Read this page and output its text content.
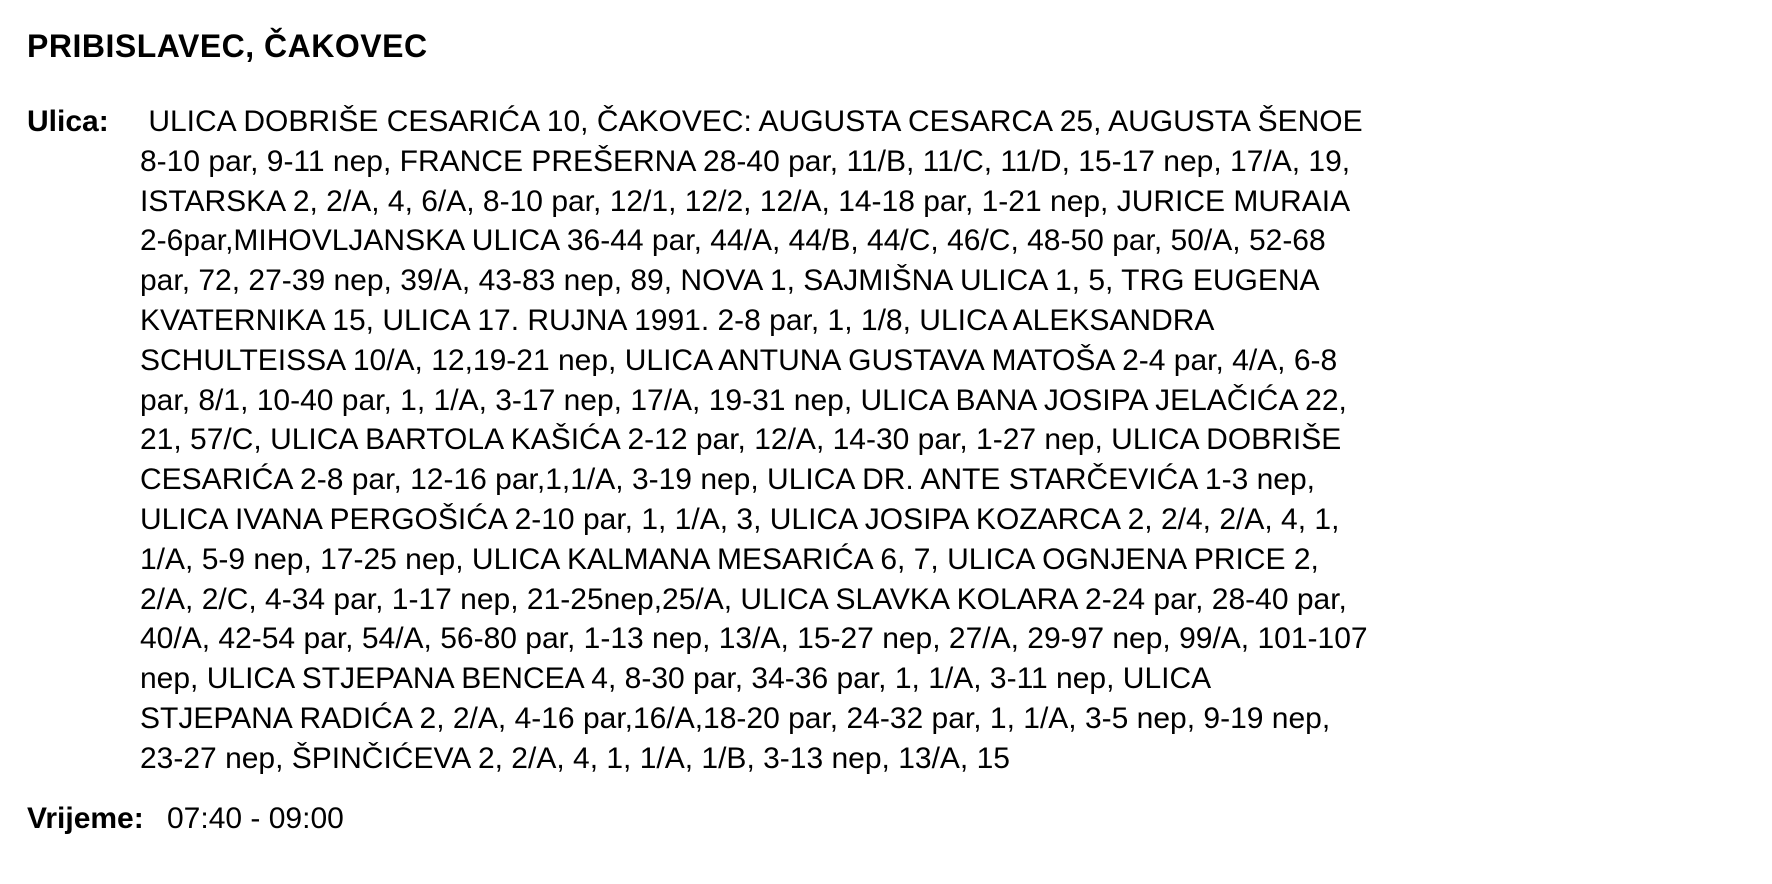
PRIBISLAVEC, ČAKOVEC
Ulica:	ULICA DOBRIŠE CESARIĆA 10, ČAKOVEC: AUGUSTA CESARCA 25, AUGUSTA ŠENOE
8-10 par, 9-11 nep, FRANCE PREŠERNA 28-40 par, 11/B, 11/C, 11/D, 15-17 nep, 17/A, 19,
ISTARSKA 2, 2/A, 4, 6/A, 8-10 par, 12/1, 12/2, 12/A, 14-18 par, 1-21 nep, JURICE MURAIA
2-6par,MIHOVLJANSKA ULICA 36-44 par, 44/A, 44/B, 44/C, 46/C, 48-50 par, 50/A, 52-68
par, 72, 27-39 nep, 39/A, 43-83 nep, 89, NOVA 1, SAJMIŠNA ULICA 1, 5, TRG EUGENA
KVATERNIKA 15, ULICA 17. RUJNA 1991. 2-8 par, 1, 1/8, ULICA ALEKSANDRA
SCHULTEISSA 10/A, 12,19-21 nep, ULICA ANTUNA GUSTAVA MATOŠA 2-4 par, 4/A, 6-8
par, 8/1, 10-40 par, 1, 1/A, 3-17 nep, 17/A, 19-31 nep, ULICA BANA JOSIPA JELAČIĆA 22,
21, 57/C, ULICA BARTOLA KAŠIĆA 2-12 par, 12/A, 14-30 par, 1-27 nep, ULICA DOBRIŠE
CESARIĆA 2-8 par, 12-16 par,1,1/A, 3-19 nep, ULICA DR. ANTE STARČEVIĆA 1-3 nep,
ULICA IVANA PERGOŠIĆA 2-10 par, 1, 1/A, 3, ULICA JOSIPA KOZARCA 2, 2/4, 2/A, 4, 1,
1/A, 5-9 nep, 17-25 nep, ULICA KALMANA MESARIĆA 6, 7, ULICA OGNJENA PRICE 2,
2/A, 2/C, 4-34 par, 1-17 nep, 21-25nep,25/A, ULICA SLAVKA KOLARA 2-24 par, 28-40 par,
40/A, 42-54 par, 54/A, 56-80 par, 1-13 nep, 13/A, 15-27 nep, 27/A, 29-97 nep, 99/A, 101-107
nep, ULICA STJEPANA BENCEA 4, 8-30 par, 34-36 par, 1, 1/A, 3-11 nep, ULICA
STJEPANA RADIĆA 2, 2/A, 4-16 par,16/A,18-20 par, 24-32 par, 1, 1/A, 3-5 nep, 9-19 nep,
23-27 nep, ŠPINČIĆEVA 2, 2/A, 4, 1, 1/A, 1/B, 3-13 nep, 13/A, 15
Vrijeme: 07:40 - 09:00
